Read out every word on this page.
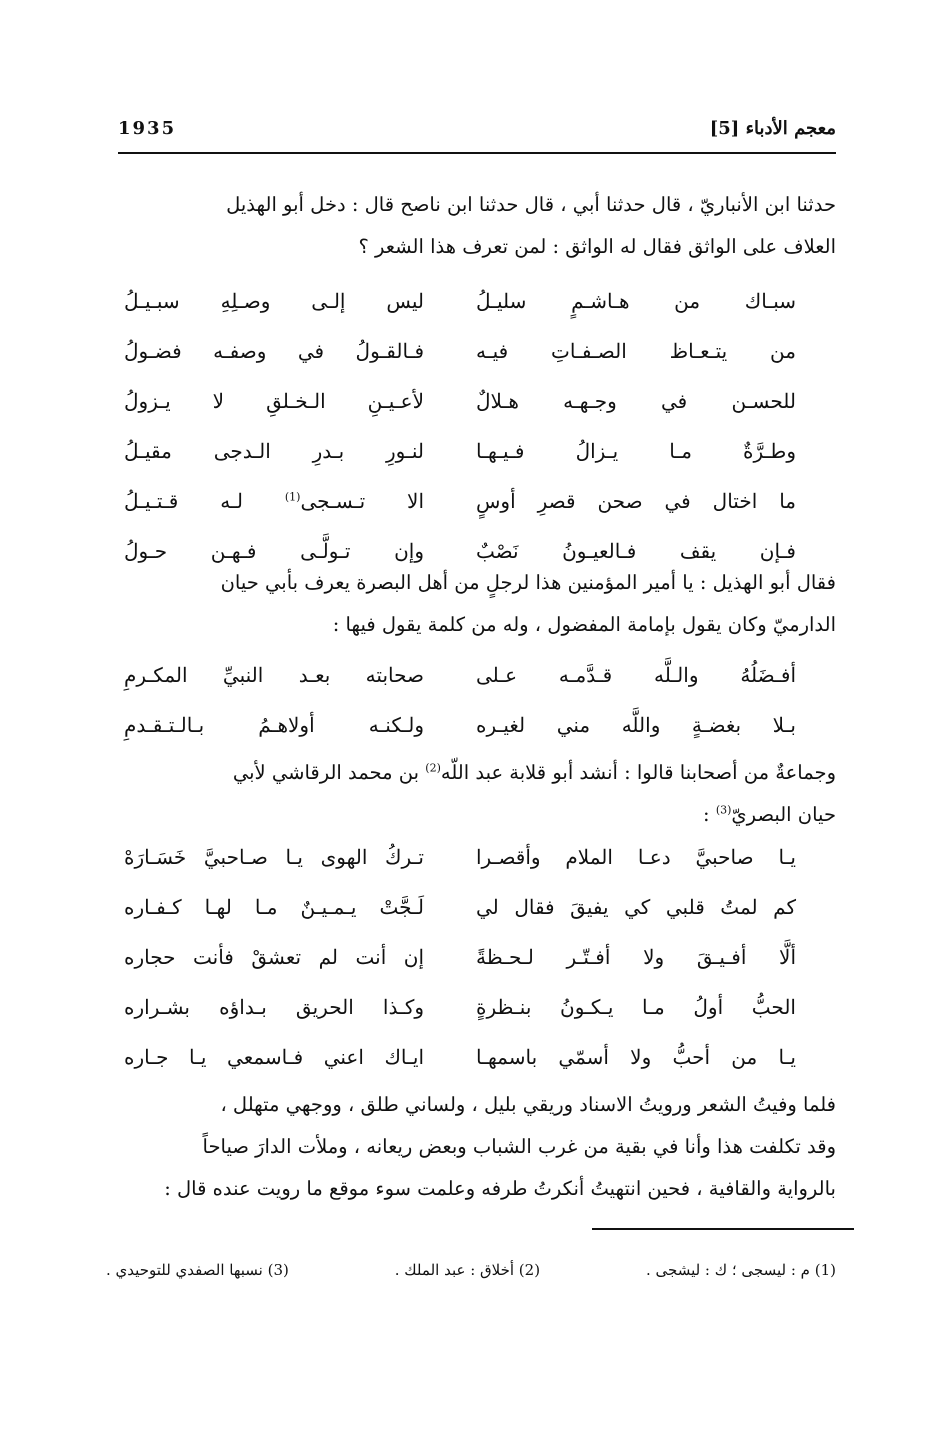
1935	معجم الأدباء [5]
حدثنا ابن الأنباريّ ، قال حدثنا أبي ، قال حدثنا ابن ناصح قال : دخل أبو الهذيل
العلاف على الواثق فقال له الواثق : لمن تعرف هذا الشعر ؟
سبـاك من هـاشـمٍ سليـلُ
ليس إلـى وصـلِهِ سبـيـلُ
من يتـعـاظ الصـفـاتِ فيـه
فـالقـولُ في وصفـه فضـولُ
للحسـن في وجـهـه هـلالٌ
لأعـيـنِ الـخـلقِ لا يـزولُ
وطـرَّةٌ مـا يـزالُ فـيـهـا
لنـورِ بـدرِ الـدجى مقيـلُ
ما اختال في صحن قصرِ أوسٍ
الا تـسـجى$^{(1)}$ لـه قـتـيـلُ
فـإن يقف فـالعيـونُ نَصْبٌ
وإن تـولَّـى فـهـن حـولُ
فقال أبو الهذيل : يا أمير المؤمنين هذا لرجلٍ من أهل البصرة يعرف بأبي حيان
الدارميّ وكان يقول بإمامة المفضول ، وله من كلمة يقول فيها :
أفـضَلُهُ والـلَّه قـدَّمـه عـلى
صحابته بعـد النبيِّ المكـرمِ
بـلا بغضـةٍ واللَّه مني لغيـره
ولـكنـه أولاهـمُ بـالـتـقـدمِ
وجماعةٌ من أصحابنا قالوا : أنشد أبو قلابة عبد اللّه$^{(2)}$ بن محمد الرقاشي لأبي
حيان البصريّ$^{(3)}$ :
يـا صاحبيَّ دعـا الملام وأقصـرا
تـركُ الهوى يـا صـاحبيَّ خَسَـارَهْ
كم لمتُ قلبي كي يفيقَ فقال لي
لَـجَّتْ يـمـيـنٌ مـا لهـا كـفـاره
ألَّا أفـيـقَ ولا أفـتّـر لـحـظةً
إن أنت لم تعشقْ فأنت حجاره
الحبُّ أولُ مـا يـكـونُ بنـظرةٍ
وكـذا الحريق بـداؤه بشـراره
يـا من أحبُّ ولا أسمّي باسمهـا
ايـاك اعني فـاسمعي يـا جـاره
فلما وفيتُ الشعر ورويتُ الاسناد وريقي بليل ، ولساني طلق ، ووجهي متهلل ،
وقد تكلفت هذا وأنا في بقية من غرب الشباب وبعض ريعانه ، وملأت الدارَ صياحاً
بالرواية والقافية ، فحين انتهيتُ أنكرتُ طرفه وعلمت سوء موقع ما رويت عنده قال :
(1) م : ليسجى ؛ ك : ليشجى .
(2) أخلاق : عبد الملك .
(3) نسبها الصفدي للتوحيدي .
